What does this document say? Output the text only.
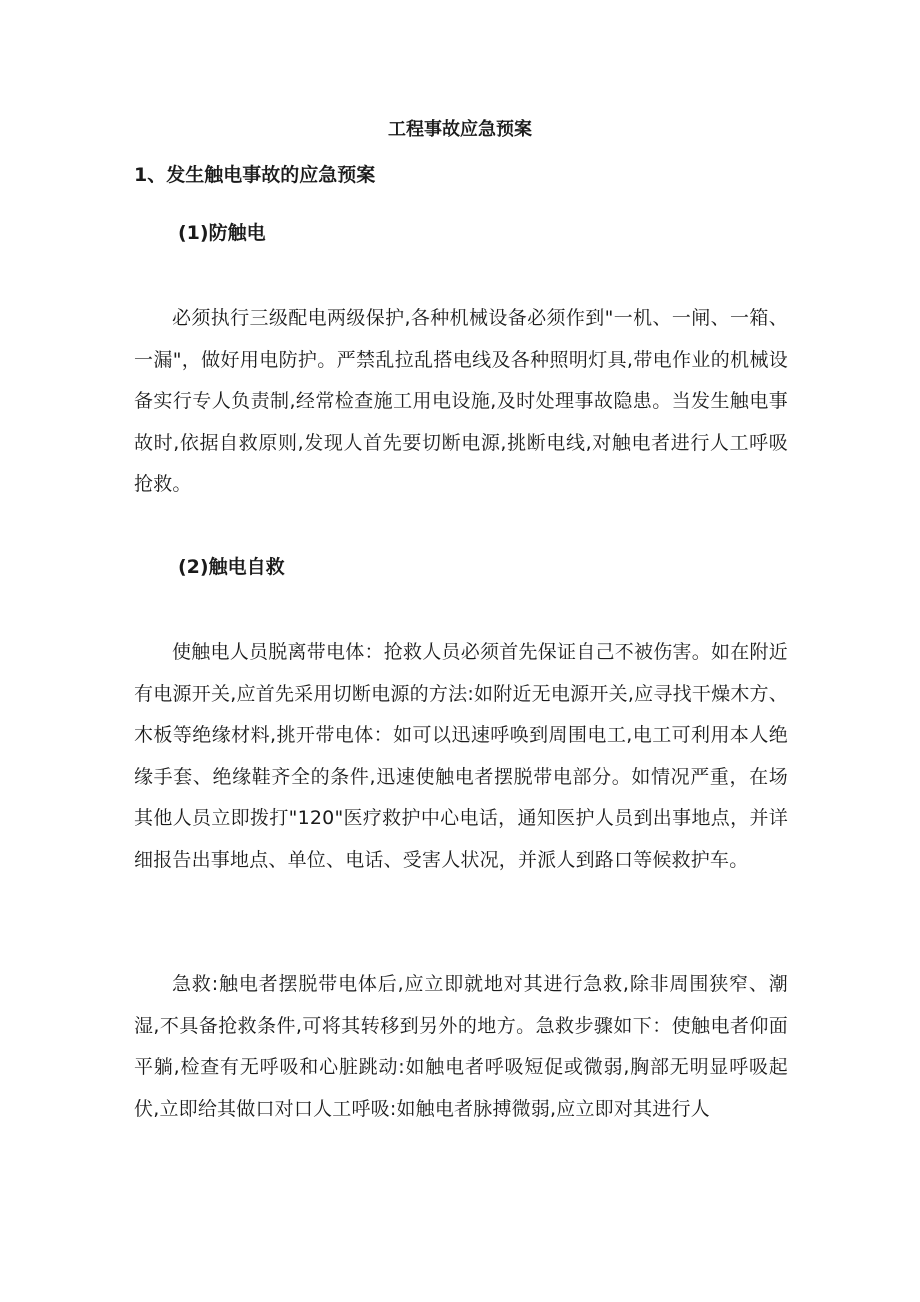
工程事故应急预案
1、发生触电事故的应急预案
(1)防触电

必须执行三级配电两级保护,各种机械设备必须作到"一机、一闸、一箱、一漏"，做好用电防护。严禁乱拉乱搭电线及各种照明灯具,带电作业的机械设备实行专人负责制,经常检查施工用电设施,及时处理事故隐患。当发生触电事故时,依据自救原则,发现人首先要切断电源,挑断电线,对触电者进行人工呼吸抢救。

(2)触电自救

使触电人员脱离带电体：抢救人员必须首先保证自己不被伤害。如在附近有电源开关,应首先采用切断电源的方法:如附近无电源开关,应寻找干燥木方、木板等绝缘材料,挑开带电体：如可以迅速呼唤到周围电工,电工可利用本人绝缘手套、绝缘鞋齐全的条件,迅速使触电者摆脱带电部分。如情况严重，在场其他人员立即拨打"120"医疗救护中心电话，通知医护人员到出事地点，并详细报告出事地点、单位、电话、受害人状况，并派人到路口等候救护车。

急救:触电者摆脱带电体后,应立即就地对其进行急救,除非周围狭窄、潮湿,不具备抢救条件,可将其转移到另外的地方。急救步骤如下：使触电者仰面平躺,检查有无呼吸和心脏跳动:如触电者呼吸短促或微弱,胸部无明显呼吸起伏,立即给其做口对口人工呼吸:如触电者脉搏微弱,应立即对其进行人
